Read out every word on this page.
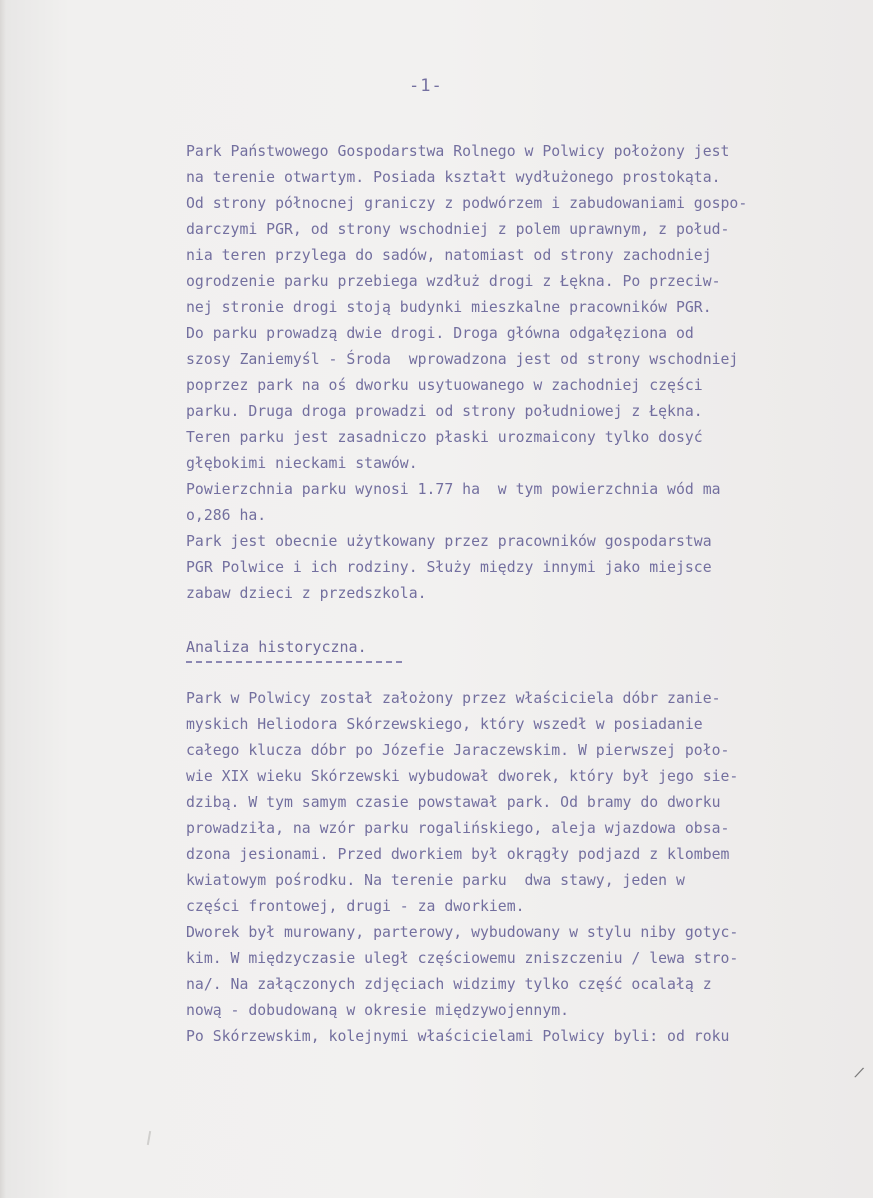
-1-
Park Państwowego Gospodarstwa Rolnego w Polwicy położony jest
na terenie otwartym. Posiada kształt wydłużonego prostokąta.
Od strony północnej graniczy z podwórzem i zabudowaniami gospo-
darczymi PGR, od strony wschodniej z polem uprawnym, z połud-
nia teren przylega do sadów, natomiast od strony zachodniej
ogrodzenie parku przebiega wzdłuż drogi z Łękna. Po przeciw-
nej stronie drogi stoją budynki mieszkalne pracowników PGR.
Do parku prowadzą dwie drogi. Droga główna odgałęziona od
szosy Zaniemyśl - Środa  wprowadzona jest od strony wschodniej
poprzez park na oś dworku usytuowanego w zachodniej części
parku. Druga droga prowadzi od strony południowej z Łękna.
Teren parku jest zasadniczo płaski urozmaicony tylko dosyć
głębokimi nieckami stawów.
Powierzchnia parku wynosi 1.77 ha  w tym powierzchnia wód ma
o,286 ha.
Park jest obecnie użytkowany przez pracowników gospodarstwa
PGR Polwice i ich rodziny. Służy między innymi jako miejsce
zabaw dzieci z przedszkola.
Analiza historyczna.
Park w Polwicy został założony przez właściciela dóbr zanie-
myskich Heliodora Skórzewskiego, który wszedł w posiadanie
całego klucza dóbr po Józefie Jaraczewskim. W pierwszej poło-
wie XIX wieku Skórzewski wybudował dworek, który był jego sie-
dzibą. W tym samym czasie powstawał park. Od bramy do dworku
prowadziła, na wzór parku rogalińskiego, aleja wjazdowa obsa-
dzona jesionami. Przed dworkiem był okrągły podjazd z klombem
kwiatowym pośrodku. Na terenie parku  dwa stawy, jeden w
części frontowej, drugi - za dworkiem.
Dworek był murowany, parterowy, wybudowany w stylu niby gotyc-
kim. W międzyczasie uległ częściowemu zniszczeniu / lewa stro-
na/. Na załączonych zdjęciach widzimy tylko część ocalałą z
nową - dobudowaną w okresie międzywojennym.
Po Skórzewskim, kolejnymi właścicielami Polwicy byli: od roku
/
